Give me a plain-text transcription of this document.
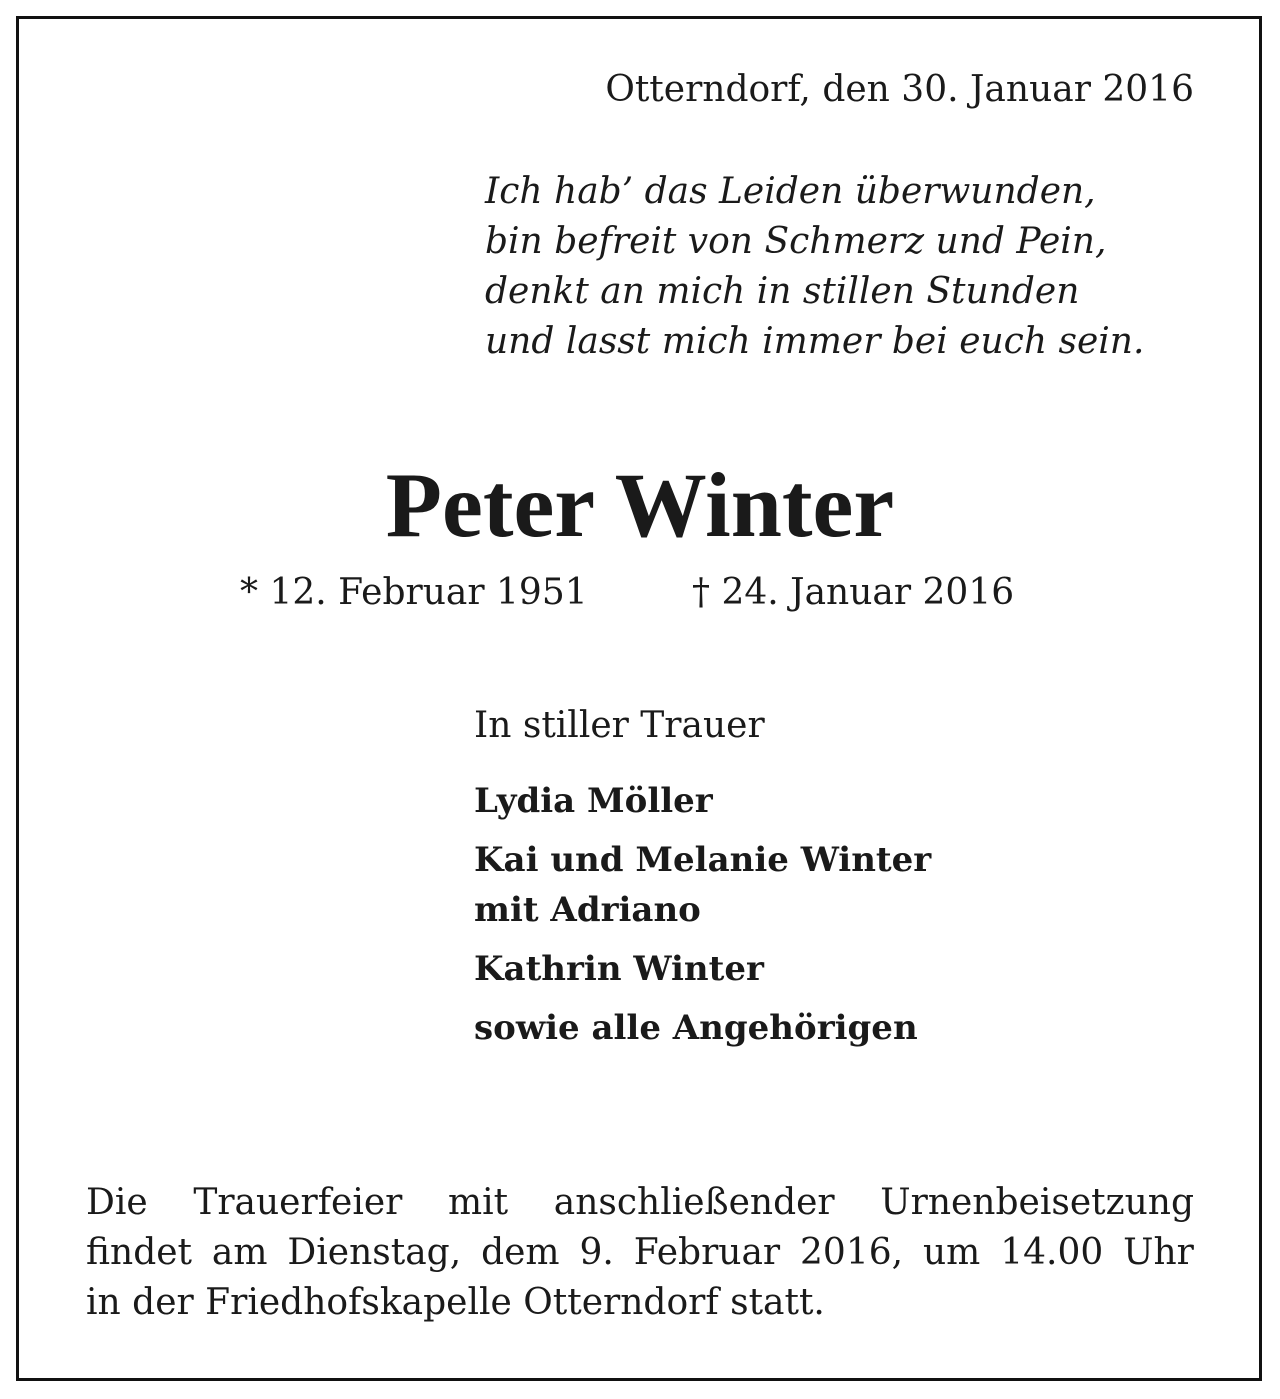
Otterndorf, den 30. Januar 2016
Ich hab’ das Leiden überwunden,
bin befreit von Schmerz und Pein,
denkt an mich in stillen Stunden
und lasst mich immer bei euch sein.
Peter Winter
* 12. Februar 1951	† 24. Januar 2016
In stiller Trauer
Lydia Möller
Kai und Melanie Winter
mit Adriano
Kathrin Winter
sowie alle Angehörigen
Die Trauerfeier mit anschließender Urnenbeisetzung
findet am Dienstag, dem 9. Februar 2016, um 14.00 Uhr
in der Friedhofskapelle Otterndorf statt.
